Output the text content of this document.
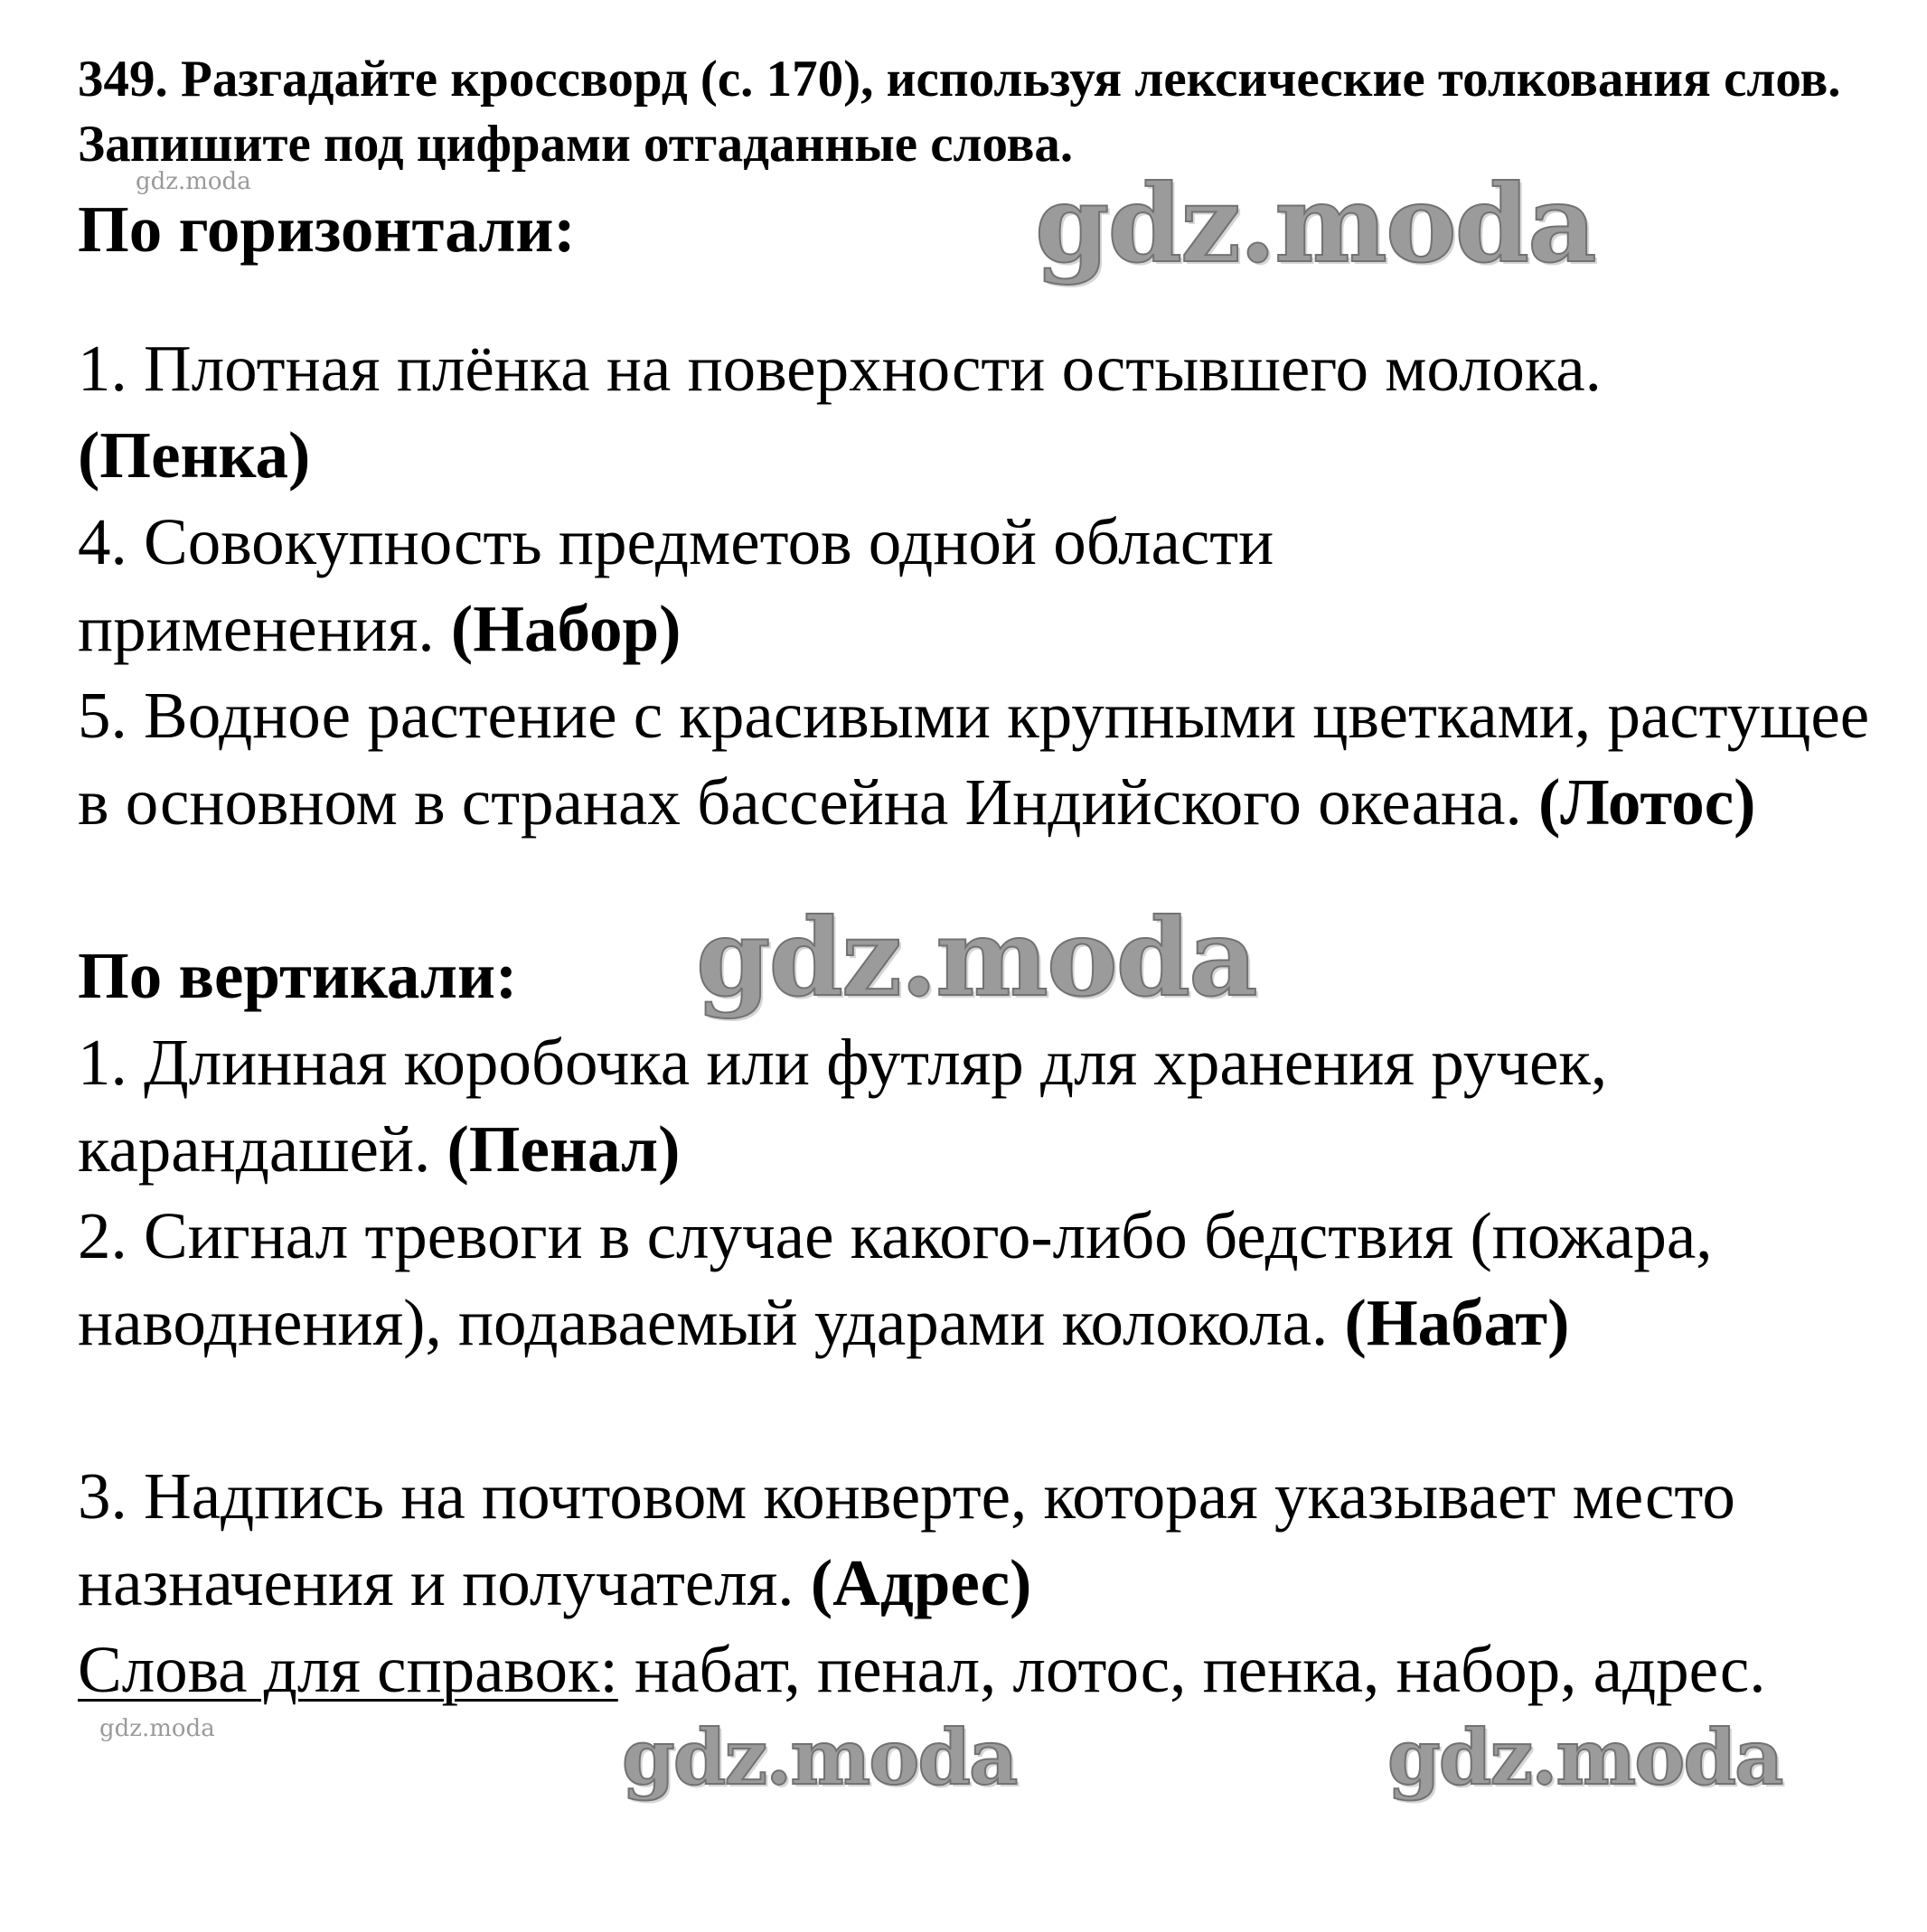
349. Разгадайте кроссворд (с. 170), используя лексические толкования слов. Запишите под цифрами отгаданные слова.
По горизонтали:
1. Плотная плёнка на поверхности остывшего молока. (Пенка)
4. Совокупность предметов одной области применения. (Набор)
5. Водное растение с красивыми крупными цветками, растущее в основном в странах бассейна Индийского океана. (Лотос)
По вертикали:
1. Длинная коробочка или футляр для хранения ручек, карандашей. (Пенал)
2. Сигнал тревоги в случае какого-либо бедствия (пожара, наводнения), подаваемый ударами колокола. (Набат)
3. Надпись на почтовом конверте, которая указывает место назначения и получателя. (Адрес)
Слова для справок: набат, пенал, лотос, пенка, набор, адрес.
gdz.moda
gdz.moda
gdz.moda	gdz.moda
gdz.moda
gdz.moda
